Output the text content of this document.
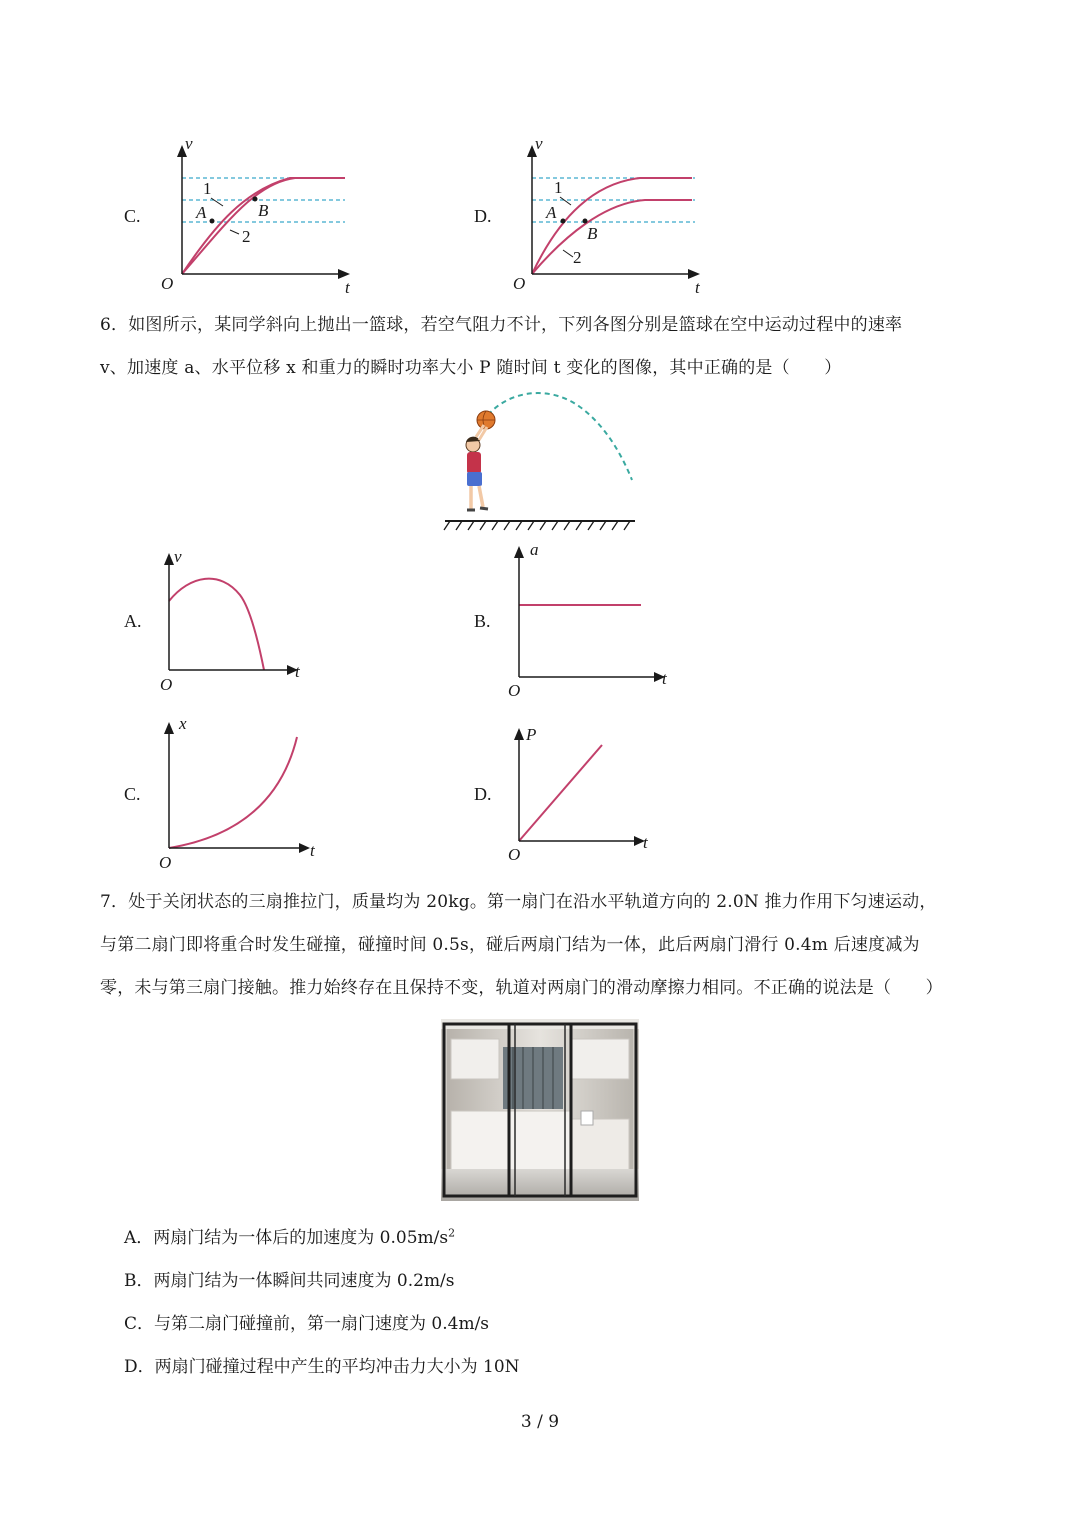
C.
v
t
O
A	B
1
2
D.
v
t
O
A
B
1
2
6．如图所示，某同学斜向上抛出一篮球，若空气阻力不计，下列各图分别是篮球在空中运动过程中的速率
v、加速度 a、水平位移 x 和重力的瞬时功率大小 P 随时间 t 变化的图像，其中正确的是（　　）
A.
v
t
O
B.
a
t
O
C.
x
t
O
D.
P
t
O
7．处于关闭状态的三扇推拉门，质量均为 20kg。第一扇门在沿水平轨道方向的 2.0N 推力作用下匀速运动，
与第二扇门即将重合时发生碰撞，碰撞时间 0.5s，碰后两扇门结为一体，此后两扇门滑行 0.4m 后速度减为
零，未与第三扇门接触。推力始终存在且保持不变，轨道对两扇门的滑动摩擦力相同。不正确的说法是（　　）
A．两扇门结为一体后的加速度为 $0.05m/s^2$
B．两扇门结为一体瞬间共同速度为 0.2m/s
C．与第二扇门碰撞前，第一扇门速度为 0.4m/s
D．两扇门碰撞过程中产生的平均冲击力大小为 10N
3 / 9
